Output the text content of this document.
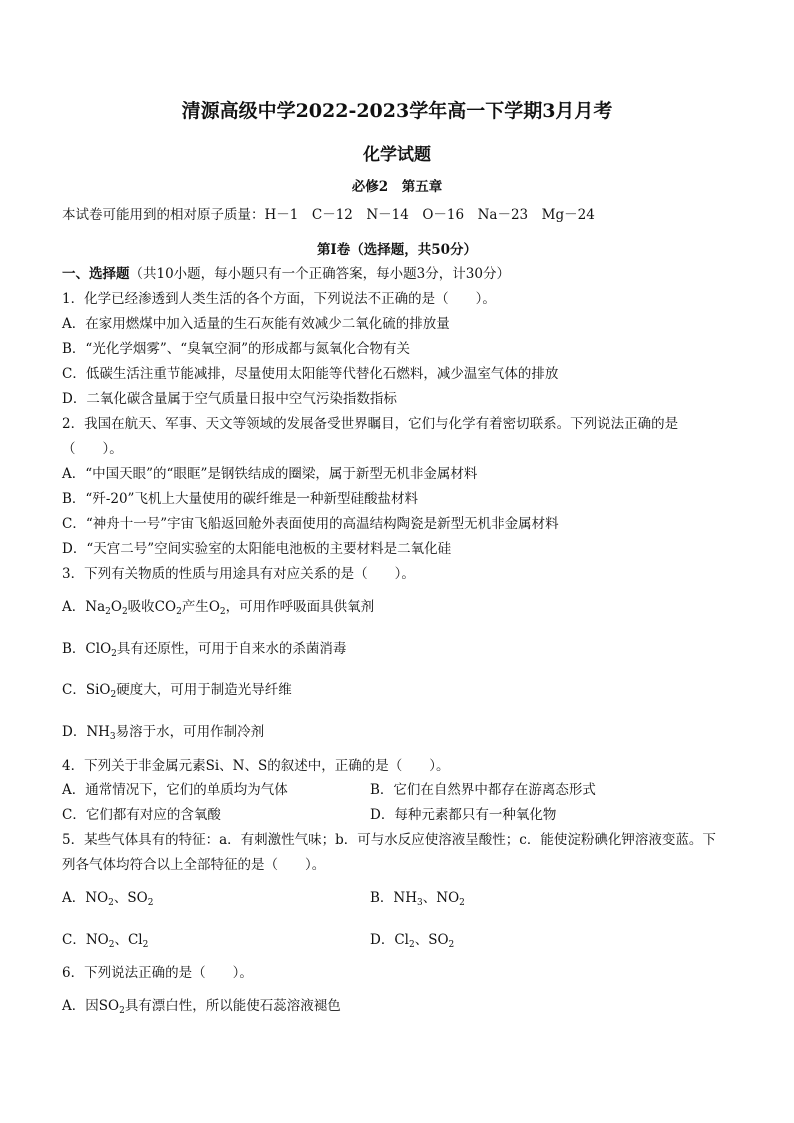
清源高级中学2022-2023学年高一下学期3月月考
化学试题
必修2　第五章
本试卷可能用到的相对原子质量：H－1　C－12　N－14　O－16　Na－23　Mg－24
第Ⅰ卷（选择题，共50分）
一、选择题（共10小题，每小题只有一个正确答案，每小题3分，计30分）
1．化学已经渗透到人类生活的各个方面，下列说法不正确的是（　　）。
A．在家用燃煤中加入适量的生石灰能有效减少二氧化硫的排放量
B．“光化学烟雾”、“臭氧空洞”的形成都与氮氧化合物有关
C．低碳生活注重节能减排，尽量使用太阳能等代替化石燃料，减少温室气体的排放
D．二氧化碳含量属于空气质量日报中空气污染指数指标
2．我国在航天、军事、天文等领域的发展备受世界瞩目，它们与化学有着密切联系。下列说法正确的是
（　　）。
A．“中国天眼”的“眼眶”是钢铁结成的圈梁，属于新型无机非金属材料
B．“歼-20”飞机上大量使用的碳纤维是一种新型硅酸盐材料
C．“神舟十一号”宇宙飞船返回舱外表面使用的高温结构陶瓷是新型无机非金属材料
D．“天宫二号”空间实验室的太阳能电池板的主要材料是二氧化硅
3．下列有关物质的性质与用途具有对应关系的是（　　）。
A．$Na_2O_2$吸收$CO_2$产生$O_2$，可用作呼吸面具供氧剂
B．ClO$_2$具有还原性，可用于自来水的杀菌消毒
C．SiO$_2$硬度大，可用于制造光导纤维
D．$NH_3$易溶于水，可用作制冷剂
4．下列关于非金属元素Si、N、S的叙述中，正确的是（　　）。
A．通常情况下，它们的单质均为气体	B．它们在自然界中都存在游离态形式
C．它们都有对应的含氧酸	D．每种元素都只有一种氧化物
5．某些气体具有的特征：a．有刺激性气味；b．可与水反应使溶液呈酸性；c．能使淀粉碘化钾溶液变蓝。下
列各气体均符合以上全部特征的是（　　）。
A．$NO_2$、$SO_2$	B．$NH_3$、$NO_2$
C．$NO_2$、$Cl_2$	D．$Cl_2$、$SO_2$
6．下列说法正确的是（　　）。
A．因$SO_2$具有漂白性，所以能使石蕊溶液褪色
